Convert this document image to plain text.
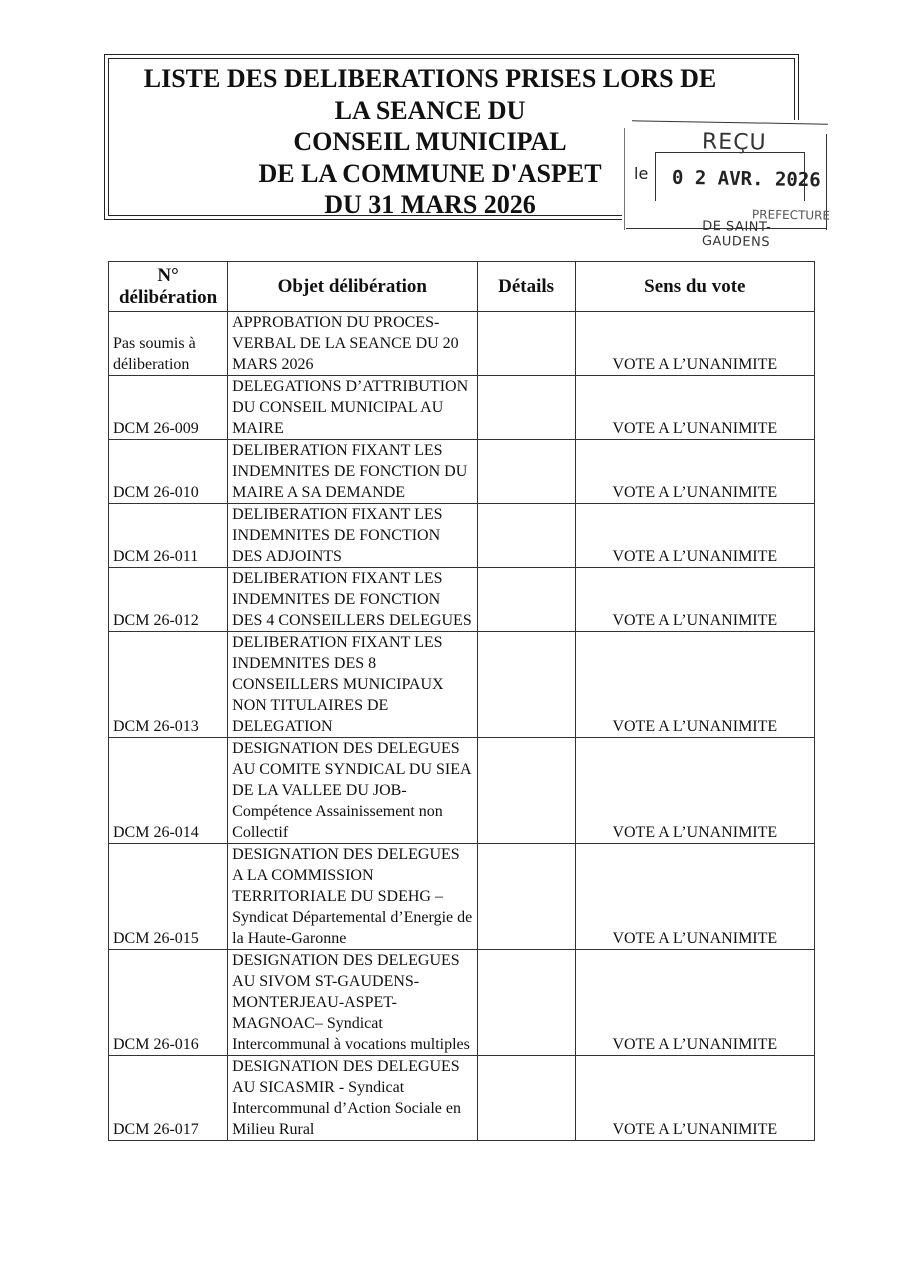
LISTE DES DELIBERATIONS PRISES LORS DE
LA SEANCE DU
CONSEIL MUNICIPAL
DE LA COMMUNE D'ASPET
DU 31 MARS 2026
REÇU
le 0 2 AVR. 2026
PREFECTURE
DE SAINT-GAUDENS
N°
délibération	Objet délibération	Détails	Sens du vote
Pas soumis à déliberation	APPROBATION DU PROCES-VERBAL DE LA SEANCE DU 20 MARS 2026		VOTE A L’UNANIMITE
DCM 26-009	DELEGATIONS D’ATTRIBUTION DU CONSEIL MUNICIPAL AU MAIRE		VOTE A L’UNANIMITE
DCM 26-010	DELIBERATION FIXANT LES INDEMNITES DE FONCTION DU MAIRE A SA DEMANDE		VOTE A L’UNANIMITE
DCM 26-011	DELIBERATION FIXANT LES INDEMNITES DE FONCTION DES ADJOINTS		VOTE A L’UNANIMITE
DCM 26-012	DELIBERATION FIXANT LES INDEMNITES DE FONCTION DES 4 CONSEILLERS DELEGUES		VOTE A L’UNANIMITE
DCM 26-013	DELIBERATION FIXANT LES INDEMNITES DES 8 CONSEILLERS MUNICIPAUX NON TITULAIRES DE DELEGATION		VOTE A L’UNANIMITE
DCM 26-014	DESIGNATION DES DELEGUES AU COMITE SYNDICAL DU SIEA DE LA VALLEE DU JOB-Compétence Assainissement non Collectif		VOTE A L’UNANIMITE
DCM 26-015	DESIGNATION DES DELEGUES A LA COMMISSION TERRITORIALE DU SDEHG – Syndicat Départemental d’Energie de la Haute-Garonne		VOTE A L’UNANIMITE
DCM 26-016	DESIGNATION DES DELEGUES AU SIVOM ST-GAUDENS-MONTERJEAU-ASPET-MAGNOAC– Syndicat Intercommunal à vocations multiples		VOTE A L’UNANIMITE
DCM 26-017	DESIGNATION DES DELEGUES AU SICASMIR - Syndicat Intercommunal d’Action Sociale en Milieu Rural		VOTE A L’UNANIMITE
